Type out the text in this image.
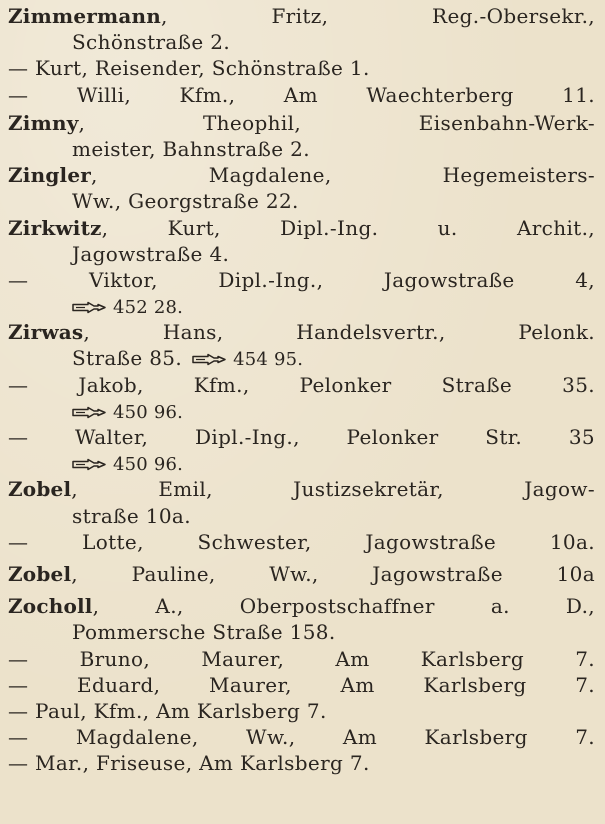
Zimmermann, Fritz, Reg.-Obersekr.,
Schönstraße 2.
— Kurt, Reisender, Schönstraße 1.
— Willi, Kfm., Am Waechterberg 11.
Zimny, Theophil, Eisenbahn-Werk-
meister, Bahnstraße 2.
Zingler, Magdalene, Hegemeisters-
Ww., Georgstraße 22.
Zirkwitz, Kurt, Dipl.-Ing. u. Archit.,
Jagowstraße 4.
— Viktor, Dipl.-Ing., Jagowstraße 4,
452 28.
Zirwas, Hans, Handelsvertr., Pelonk.
Straße 85.	454 95.
— Jakob, Kfm., Pelonker Straße 35.
450 96.
— Walter, Dipl.-Ing., Pelonker Str. 35
450 96.
Zobel, Emil, Justizsekretär, Jagow-
straße 10a.
— Lotte, Schwester, Jagowstraße 10a.
Zobel, Pauline, Ww., Jagowstraße 10a
Zocholl, A., Oberpostschaffner a. D.,
Pommersche Straße 158.
— Bruno, Maurer, Am Karlsberg 7.
— Eduard, Maurer, Am Karlsberg 7.
— Paul, Kfm., Am Karlsberg 7.
— Magdalene, Ww., Am Karlsberg 7.
— Mar., Friseuse, Am Karlsberg 7.
